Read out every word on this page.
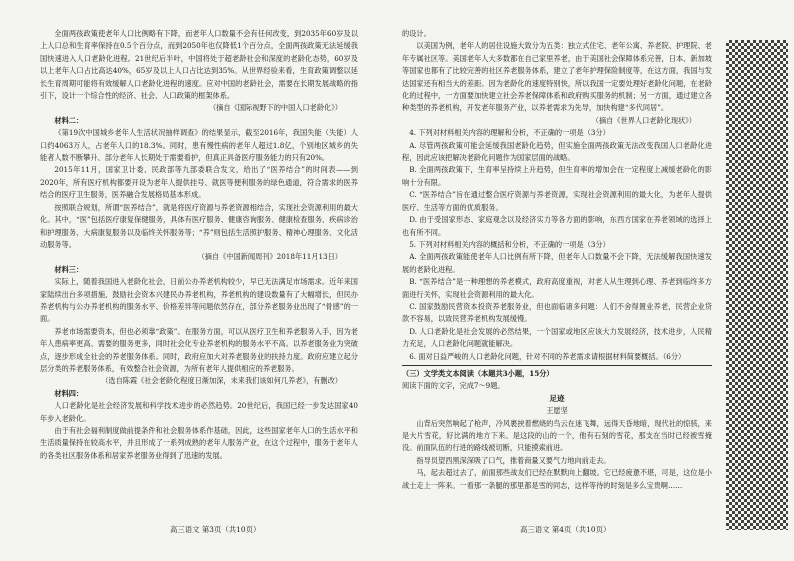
全面两孩政策使老年人口比例略有下降，而老年人口数量不会有任何改变，到2035年60岁及以上人口总和生育率保持在0.5个百分点，而到2050年也仅降低1个百分点，全面两孩政策无法延缓我国快速进入人口老龄化进程。21世纪后半叶，中国将处于超老龄社会和深度的老龄化态势，60岁及以上老年人口占比高达40%，65岁及以上人口占比达到35%。从世界经验来看，生育政策调整以延长生育周期可能将有效缓解人口老龄化进程的速度。应对中国的老龄社会，需要在长期发展战略的指引下，设计一个综合性的经济、社会、人口政策的框架体系。

（摘自《国际视野下的中国人口老龄化》）

材料二：

《第19次中国城乡老年人生活状况抽样调查》的结果显示，截至2016年，我国失能（失能）人口约4063万人，占老年人口的18.3%。同时，患有慢性病的老年人超过1.8亿，个别地区城乡的失能者人数不断攀升、部分老年人长期处于需要看护，但真正具备医疗服务能力的只有20%。

2015年11月，国家卫计委、民政部等九部委联合发文，给出了“医养结合”的时间表——到2020年，所有医疗机构都要开设为老年人提供挂号、就医等便利服务的绿色通道，符合需求的医养结合的医疗卫生服务，医养融合发展格局基本形成。

按照联合规划，所谓“医养结合”，就是将医疗资源与养老资源相结合，实现社会资源利用的最大化。其中，“医”包括医疗康复保健服务，具体有医疗服务、健康咨询服务、健康检查服务、疾病诊治和护理服务、大病康复服务以及临终关怀服务等；“养”则包括生活照护服务、精神心理服务、文化活动服务等。

（摘自《中国新闻周刊》2018年11月13日）

材料三：

实际上，随着我国进入老龄化社会，日前公办养老机构较少，早已无法满足市场需求。近年来国家陆续出台多项措施，鼓励社会资本兴建民办养老机构，养老机构的建设数量有了大幅增长，但民办养老机构与公办养老机构的服务水平、价格差异等问题依然存在，部分养老服务业出现了“骨感”的一面。

养老市场需要资本，但也必须靠“政策”。在服务方面，可以从医疗卫生和养老服务入手，因为老年人患病率更高、需要的服务更多，同时社会化专业养老机构的服务水平不高。以养老服务业为突破点，逐步形成全社会的养老服务体系。同时，政府应加大对养老服务业的扶持力度。政府应建立起分层分类的养老服务体系，有效整合社会资源，为所有老年人提供相应的养老服务。

（选自陈霞《社会老龄化程度日渐加深，未来我们该如何几养老》，有删改）

材料四：

人口老龄化是社会经济发展和科学技术进步的必然趋势。20世纪后，我国已经一步发达国家40年步入老龄化。

由于有社会福利制度做前提条件和社会服务体系作基础，因此，这些国家老年人口的生活水平和生活质量保持在较高水平，并且形成了一系列成熟的老年人服务产业，在这个过程中，服务于老年人的各类社区服务体系和居家养老服务业得到了迅速的发展。

的设计。

以美国为例，老年人的居住设施大致分为五类：独立式住宅、老年公寓、养老院、护理院、老年专属社区等。美国老年人大多数都在自己家里养老，由于美国社会保障体系完善，日本、新加坡等国家也都有了比较完善的社区养老服务体系，建立了老年护理保险制度等，在这方面，我国与发达国家还有相当大的差距。因为老龄化的速度特别快，所以我国一定要处理好老龄化问题，在老龄化的过程中，一方面要加快建立社会养老保障体系和政府购买服务的机制；另一方面，通过建立各种类型的养老机构，开发老年服务产业，以养老需求为先导，加快构建“多代同居”。

（摘自《世界人口老龄化现状》）

4. 下列对材料相关内容的理解和分析，不正确的一项是（3分）

A. 尽管两孩政策可能会延缓我国老龄化趋势，但实施全面两孩政策无法改变我国人口老龄化进程，因此应该把解决老龄化问题作为国家层面的战略。

B. 全面两孩政策下，生育率呈持续上升趋势，但生育率的增加会在一定程度上减缓老龄化的影响十分有限。

C. “医养结合”旨在通过整合医疗资源与养老资源，实现社会资源利用的最大化，为老年人提供医疗、生活等方面的优质服务。

D. 由于受国家形态、家庭观念以及经济实力等各方面的影响，东西方国家在养老领域的选择上也有所不同。

5. 下列对材料相关内容的概括和分析，不正确的一项是（3分）

A. 全面两孩政策能使老年人口比例有所下降，但老年人口数量不会下降，无法缓解我国快速发展的老龄化进程。

B. “医养结合”是一种理想的养老模式，政府高度重视，对老人从生理到心理、养老到临终多方面进行关怀，实现社会资源利用的最大化。

C. 国家鼓励民营资本投资养老服务业，但也面临诸多问题：人们不舍得置业养老，民营企业贷款不容易，以致民营养老机构发展缓慢。

D. 人口老龄化是社会发展的必然结果，一个国家或地区应该大力发展经济，技术进步，人民精力充足，人口老龄化问题就能解决。

6. 面对日益严峻的人口老龄化问题，针对不同的养老需求请根据材料简要概括。（6分）

（三）文学类文本阅读（本题共3小题，15分）

阅读下面的文字，完成7～9题。

足迹

王愿坚

山背后突然响起了枪声，冷风裹挟着燃烧的鸟云在迷飞舞，远得天昏地暗，现代社的惊骇，来是大片雪花，好比满的地方下来。是这段的山的一个，他有石刻的雪花，那支在当时已经被雪掩没。前面队伍的行进的路线被切断，只能摸索前进。

指导员望西黑深深吸了口气，推着商量又要气力地向前走去。

马，起去超过去了，前面那些战友们已经在默默向上翻坡。它已经疲惫不堪，可是，这位是小战士走上一阵来。一看那一条腿的那里都是雪的同志，这样等待的时刻是多么宝贵啊……

高三语文 第3页（共10页）	高三语文 第4页（共10页）
